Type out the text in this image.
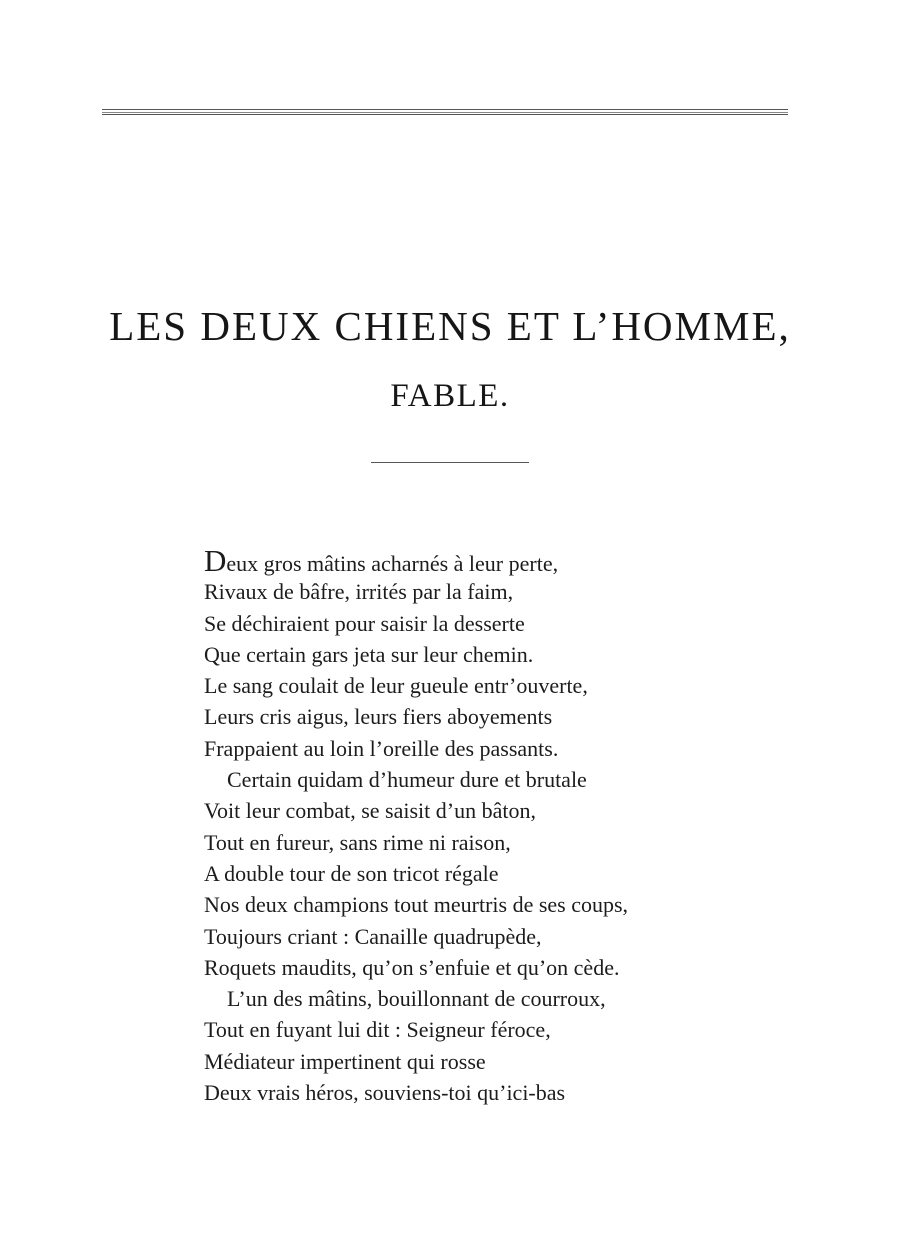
LES DEUX CHIENS ET L’HOMME,
FABLE.
Deux gros mâtins acharnés à leur perte,
Rivaux de bâfre, irrités par la faim,
Se déchiraient pour saisir la desserte
Que certain gars jeta sur leur chemin.
Le sang coulait de leur gueule entr’ouverte,
Leurs cris aigus, leurs fiers aboyements
Frappaient au loin l’oreille des passants.
Certain quidam d’humeur dure et brutale
Voit leur combat, se saisit d’un bâton,
Tout en fureur, sans rime ni raison,
A double tour de son tricot régale
Nos deux champions tout meurtris de ses coups,
Toujours criant : Canaille quadrupède,
Roquets maudits, qu’on s’enfuie et qu’on cède.
L’un des mâtins, bouillonnant de courroux,
Tout en fuyant lui dit : Seigneur féroce,
Médiateur impertinent qui rosse
Deux vrais héros, souviens-toi qu’ici-bas
